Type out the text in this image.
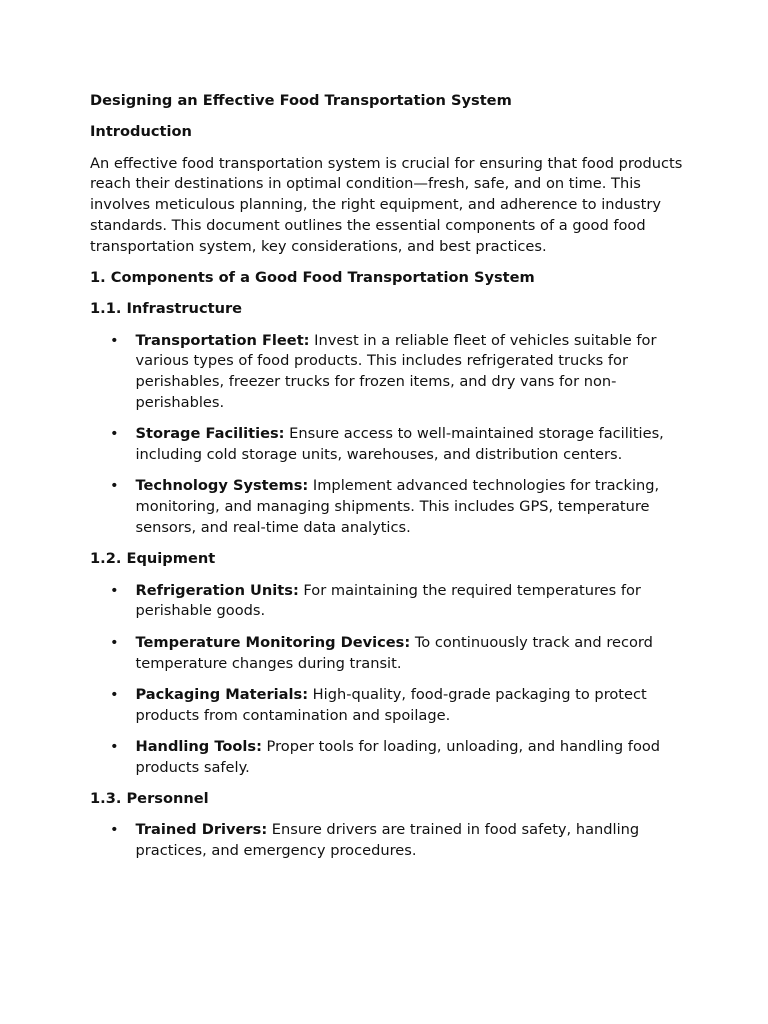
Designing an Effective Food Transportation System
Introduction
An effective food transportation system is crucial for ensuring that food products reach their destinations in optimal condition—fresh, safe, and on time. This involves meticulous planning, the right equipment, and adherence to industry standards. This document outlines the essential components of a good food transportation system, key considerations, and best practices.
1. Components of a Good Food Transportation System
1.1. Infrastructure
• Transportation Fleet: Invest in a reliable fleet of vehicles suitable for various types of food products. This includes refrigerated trucks for perishables, freezer trucks for frozen items, and dry vans for non-perishables.
• Storage Facilities: Ensure access to well-maintained storage facilities, including cold storage units, warehouses, and distribution centers.
• Technology Systems: Implement advanced technologies for tracking, monitoring, and managing shipments. This includes GPS, temperature sensors, and real-time data analytics.
1.2. Equipment
• Refrigeration Units: For maintaining the required temperatures for perishable goods.
• Temperature Monitoring Devices: To continuously track and record temperature changes during transit.
• Packaging Materials: High-quality, food-grade packaging to protect products from contamination and spoilage.
• Handling Tools: Proper tools for loading, unloading, and handling food products safely.
1.3. Personnel
• Trained Drivers: Ensure drivers are trained in food safety, handling practices, and emergency procedures.
